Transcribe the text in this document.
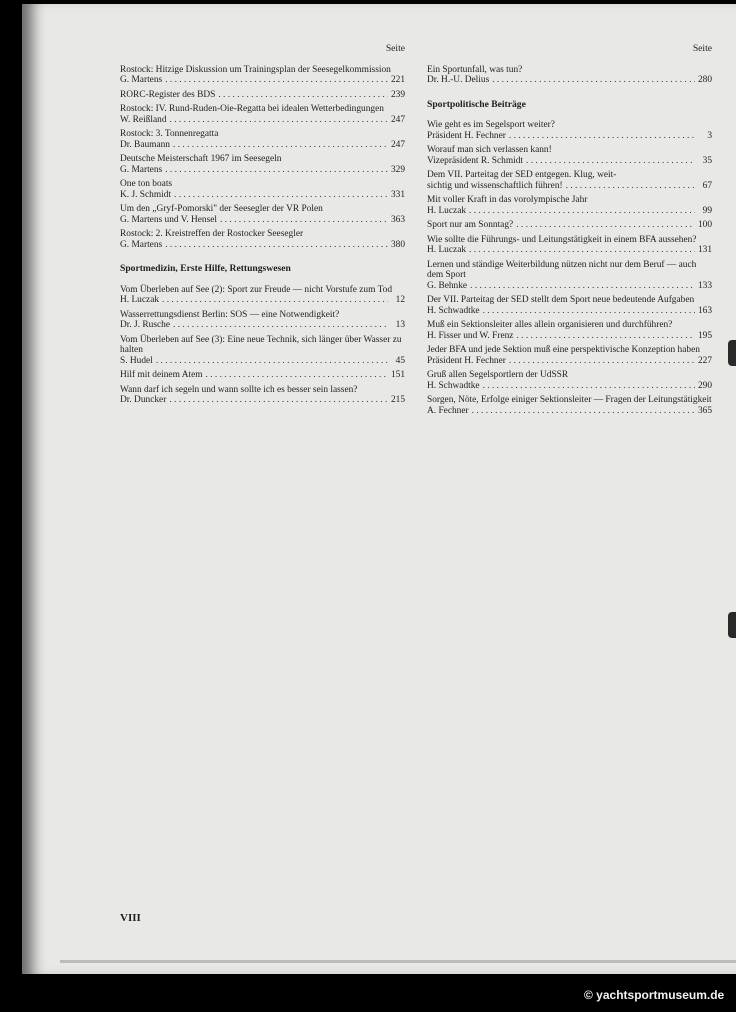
Seite
Rostock: Hitzige Diskussion um Trainingsplan der Seesegelkommission
G. Martens . . .	221
RORC-Register des BDS . . .	239
Rostock: IV. Rund-Ruden-Oie-Regatta bei idealen Wetterbedingungen
W. Reißland . . .	247
Rostock: 3. Tonnenregatta
Dr. Baumann . . .	247
Deutsche Meisterschaft 1967 im Seesegeln
G. Martens . . .	329
One ton boats
K. J. Schmidt . . .	331
Um den „Gryf-Pomorski" der Seesegler der VR Polen
G. Martens und V. Hensel . . .	363
Rostock: 2. Kreistreffen der Rostocker Seesegler
G. Martens . . .	380
Sportmedizin, Erste Hilfe, Rettungswesen
Vom Überleben auf See (2): Sport zur Freude — nicht Vorstufe zum Tod
H. Luczak . . .	12
Wasserrettungsdienst Berlin: SOS — eine Notwendigkeit?
Dr. J. Rusche . . .	13
Vom Überleben auf See (3): Eine neue Technik, sich länger über Wasser zu halten
S. Hudel . . .	45
Hilf mit deinem Atem . . .	151
Wann darf ich segeln und wann sollte ich es besser sein lassen?
Dr. Duncker . . .	215
Seite
Ein Sportunfall, was tun?
Dr. H.-U. Delius . . .	280
Sportpolitische Beiträge
Wie geht es im Segelsport weiter?
Präsident H. Fechner . . .	3
Worauf man sich verlassen kann!
Vizepräsident R. Schmidt . . .	35
Dem VII. Parteitag der SED entgegen. Klug, weit-
sichtig und wissenschaftlich führen! . . .	67
Mit voller Kraft in das vorolympische Jahr
H. Luczak . . .	99
Sport nur am Sonntag? . . .	100
Wie sollte die Führungs- und Leitungstätigkeit in einem BFA aussehen?
H. Luczak . . .	131
Lernen und ständige Weiterbildung nützen nicht nur dem Beruf — auch dem Sport
G. Behnke . . .	133
Der VII. Parteitag der SED stellt dem Sport neue bedeutende Aufgaben
H. Schwadtke . . .	163
Muß ein Sektionsleiter alles allein organisieren und durchführen?
H. Fisser und W. Frenz . . .	195
Jeder BFA und jede Sektion muß eine perspektivische Konzeption haben
Präsident H. Fechner . . .	227
Gruß allen Segelsportlern der UdSSR
H. Schwadtke . . .	290
Sorgen, Nöte, Erfolge einiger Sektionsleiter — Fragen der Leitungstätigkeit
A. Fechner . . .	365
VIII
© yachtsportmuseum.de
